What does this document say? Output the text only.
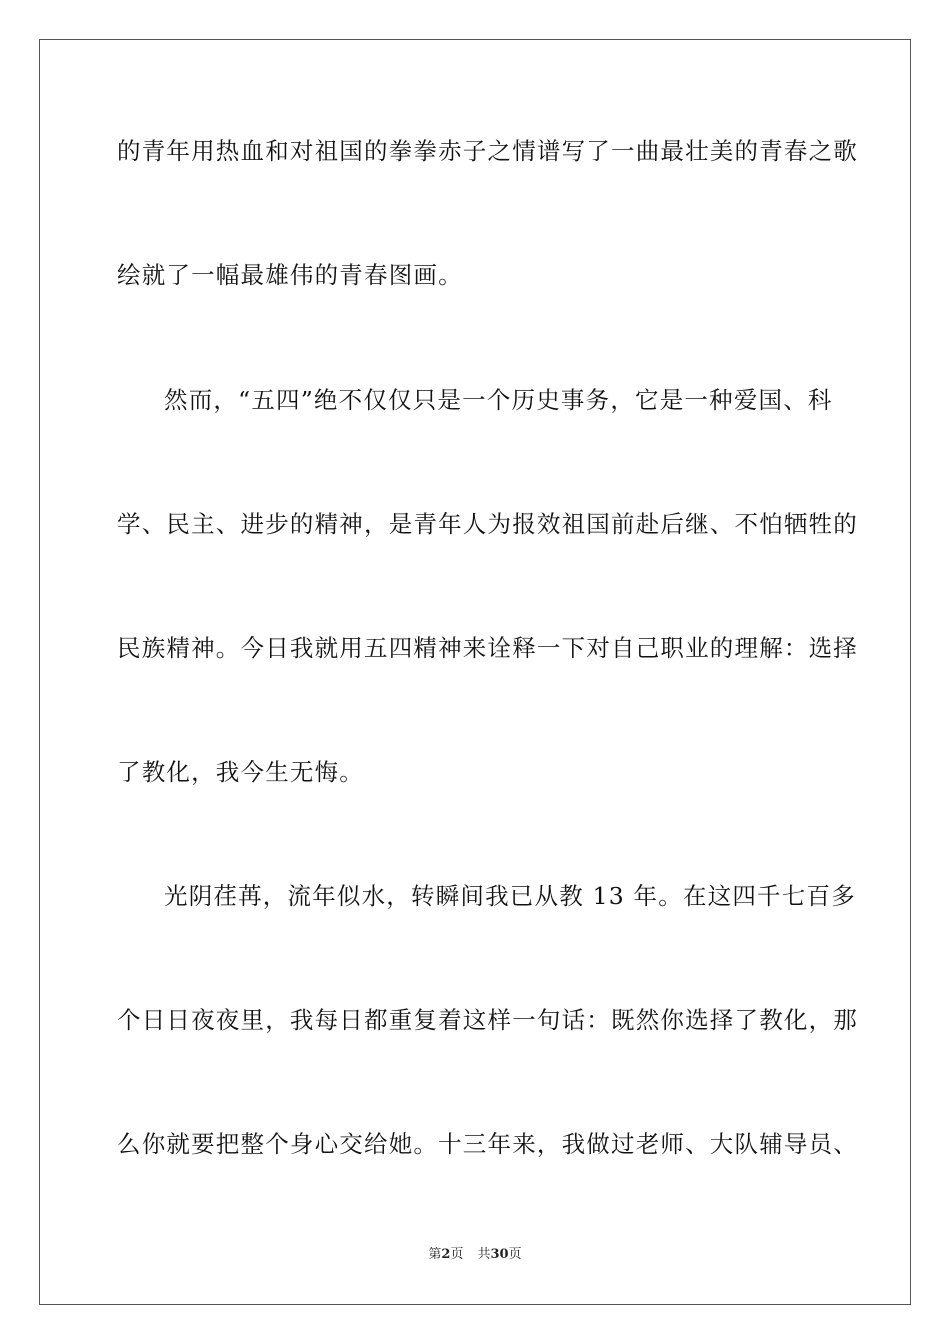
的青年用热血和对祖国的拳拳赤子之情谱写了一曲最壮美的青春之歌
绘就了一幅最雄伟的青春图画。
然而，“五四”绝不仅仅只是一个历史事务，它是一种爱国、科
学、民主、进步的精神，是青年人为报效祖国前赴后继、不怕牺牲的
民族精神。今日我就用五四精神来诠释一下对自己职业的理解：选择
了教化，我今生无悔。
光阴荏苒，流年似水，转瞬间我已从教 13 年。在这四千七百多
个日日夜夜里，我每日都重复着这样一句话：既然你选择了教化，那
么你就要把整个身心交给她。十三年来，我做过老师、大队辅导员、
第2页 共30页
